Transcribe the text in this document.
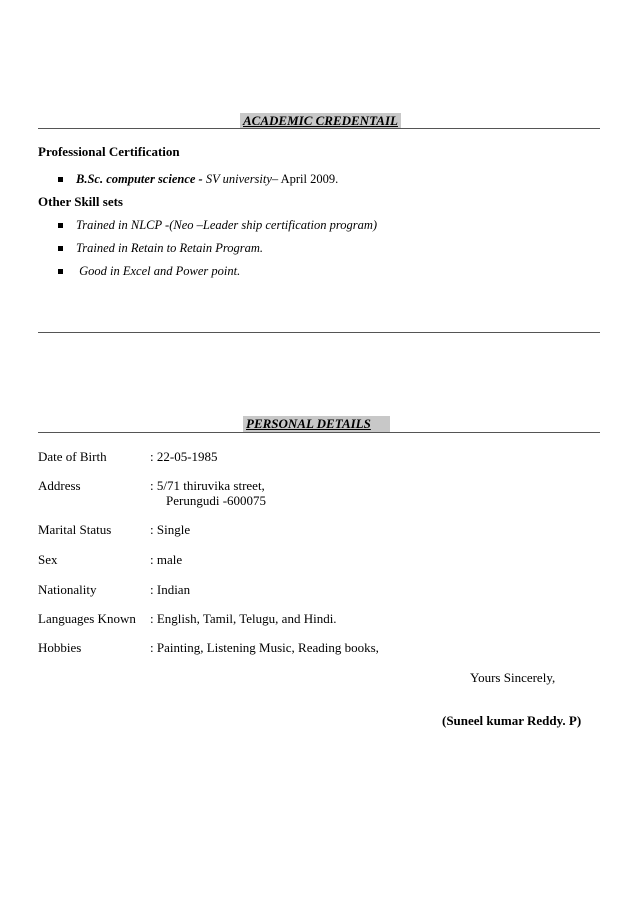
ACADEMIC CREDENTAIL
Professional Certification
B.Sc. computer science - SV university– April 2009.
Other Skill sets
Trained in NLCP -(Neo –Leader ship certification program)
Trained in Retain to Retain Program.
Good in Excel and Power point.
PERSONAL DETAILS
Date of Birth	: 22-05-1985
Address	: 5/71 thiruvika street,
Perungudi -600075
Marital Status	: Single
Sex	: male
Nationality	: Indian
Languages Known : English, Tamil, Telugu, and Hindi.
Hobbies	: Painting, Listening Music, Reading books,
Yours Sincerely,
(Suneel kumar Reddy. P)
